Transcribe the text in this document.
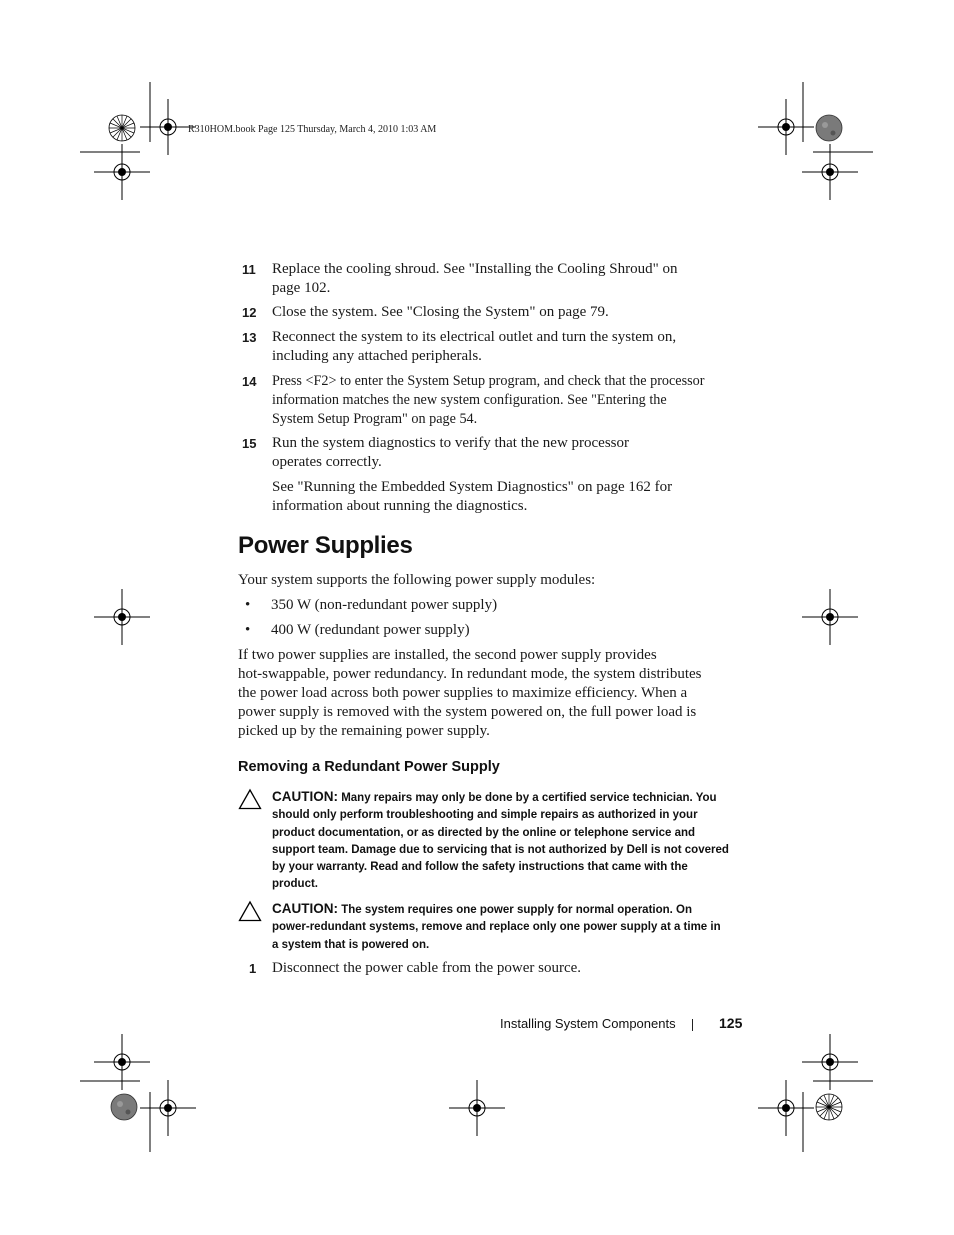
R310HOM.book Page 125 Thursday, March 4, 2010 1:03 AM
11 Replace the cooling shroud. See "Installing the Cooling Shroud" on
page 102.
12 Close the system. See "Closing the System" on page 79.
13 Reconnect the system to its electrical outlet and turn the system on,
including any attached peripherals.
14 Press <F2> to enter the System Setup program, and check that the processor
information matches the new system configuration. See "Entering the
System Setup Program" on page 54.
15 Run the system diagnostics to verify that the new processor
operates correctly.
See "Running the Embedded System Diagnostics" on page 162 for
information about running the diagnostics.
Power Supplies
Your system supports the following power supply modules:
• 350 W (non-redundant power supply)
• 400 W (redundant power supply)
If two power supplies are installed, the second power supply provides
hot-swappable, power redundancy. In redundant mode, the system distributes
the power load across both power supplies to maximize efficiency. When a
power supply is removed with the system powered on, the full power load is
picked up by the remaining power supply.
Removing a Redundant Power Supply
CAUTION: Many repairs may only be done by a certified service technician. You
should only perform troubleshooting and simple repairs as authorized in your
product documentation, or as directed by the online or telephone service and
support team. Damage due to servicing that is not authorized by Dell is not covered
by your warranty. Read and follow the safety instructions that came with the
product.
CAUTION: The system requires one power supply for normal operation. On
power-redundant systems, remove and replace only one power supply at a time in
a system that is powered on.
1 Disconnect the power cable from the power source.
Installing System Components	125
